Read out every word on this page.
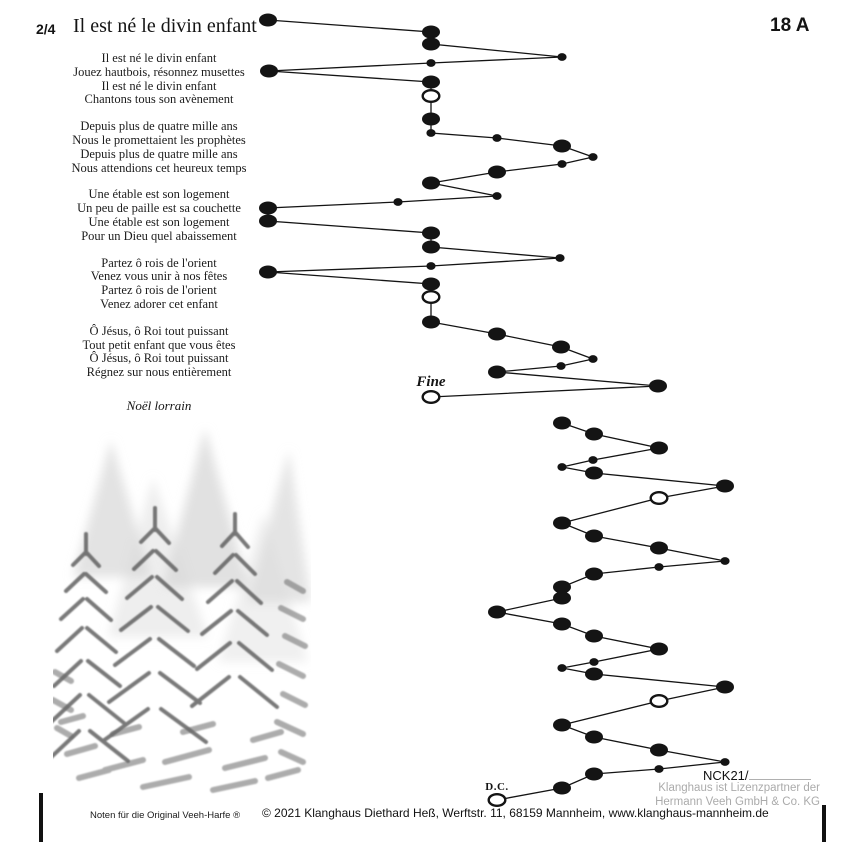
2/4 Il est né le divin enfant	18 A
Il est né le divin enfant
Jouez hautbois, résonnez musettes
Il est né le divin enfant
Chantons tous son avènement
Depuis plus de quatre mille ans
Nous le promettaient les prophètes
Depuis plus de quatre mille ans
Nous attendions cet heureux temps
Une étable est son logement
Un peu de paille est sa couchette
Une étable est son logement
Pour un Dieu quel abaissement
Partez ô rois de l'orient
Venez vous unir à nos fêtes
Partez ô rois de l'orient
Venez adorer cet enfant
Ô Jésus, ô Roi tout puissant
Tout petit enfant que vous êtes
Ô Jésus, ô Roi tout puissant
Régnez sur nous entièrement
Noël lorrain
Fine
D.C.
Noten für die Original Veeh-Harfe ® © 2021 Klanghaus Diethard Heß, Werftstr. 11, 68159 Mannheim, www.klanghaus-mannheim.de
NCK21/
Klanghaus ist Lizenzpartner der
Hermann Veeh GmbH & Co. KG
